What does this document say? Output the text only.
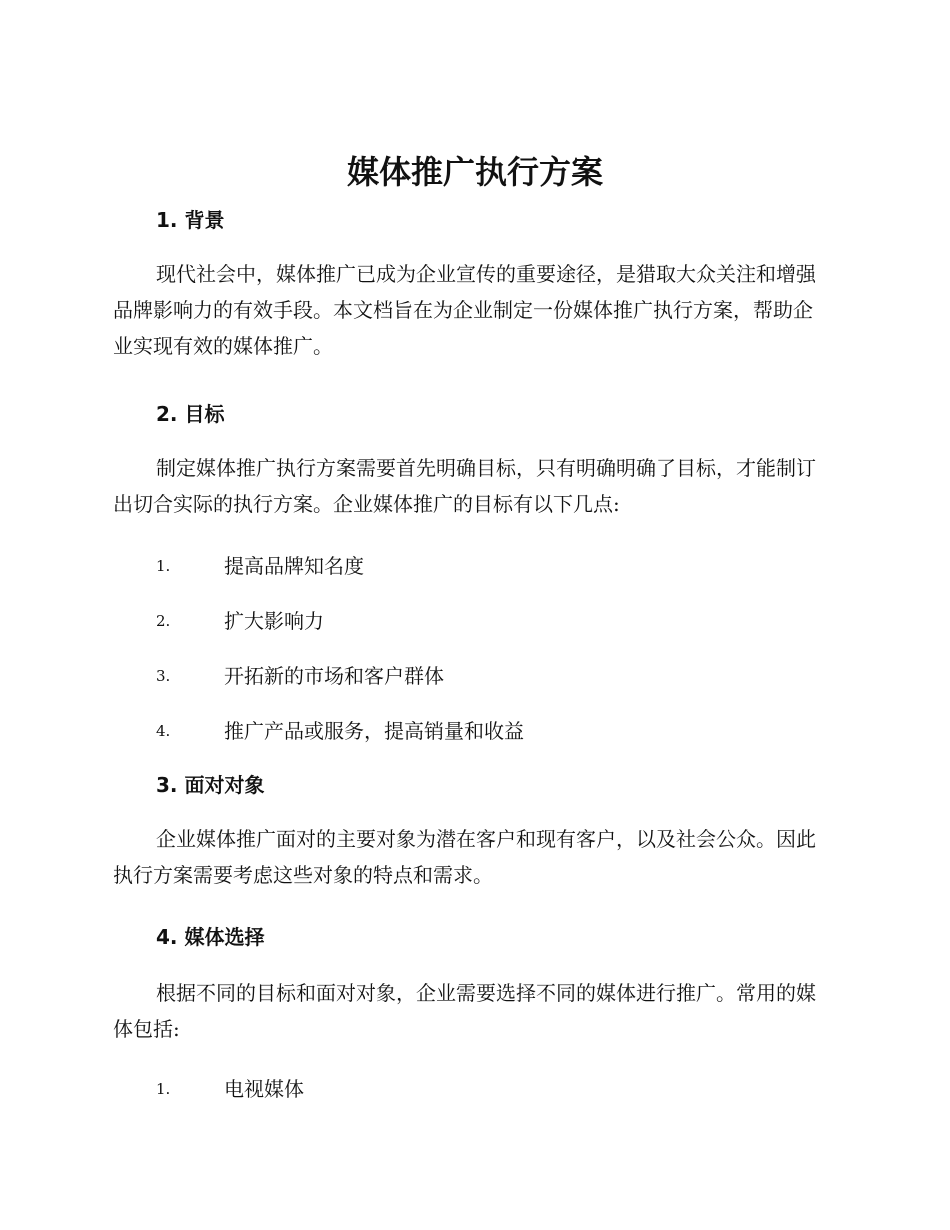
媒体推广执行方案
1. 背景

现代社会中，媒体推广已成为企业宣传的重要途径，是猎取大众关注和增强品牌影响力的有效手段。本文档旨在为企业制定一份媒体推广执行方案，帮助企业实现有效的媒体推广。

2. 目标

制定媒体推广执行方案需要首先明确目标，只有明确明确了目标，才能制订出切合实际的执行方案。企业媒体推广的目标有以下几点:

1.	提高品牌知名度
2.	扩大影响力
3.	开拓新的市场和客户群体
4.	推广产品或服务，提高销量和收益
3. 面对对象

企业媒体推广面对的主要对象为潜在客户和现有客户，以及社会公众。因此执行方案需要考虑这些对象的特点和需求。

4. 媒体选择

根据不同的目标和面对对象，企业需要选择不同的媒体进行推广。常用的媒体包括:

1.	电视媒体
